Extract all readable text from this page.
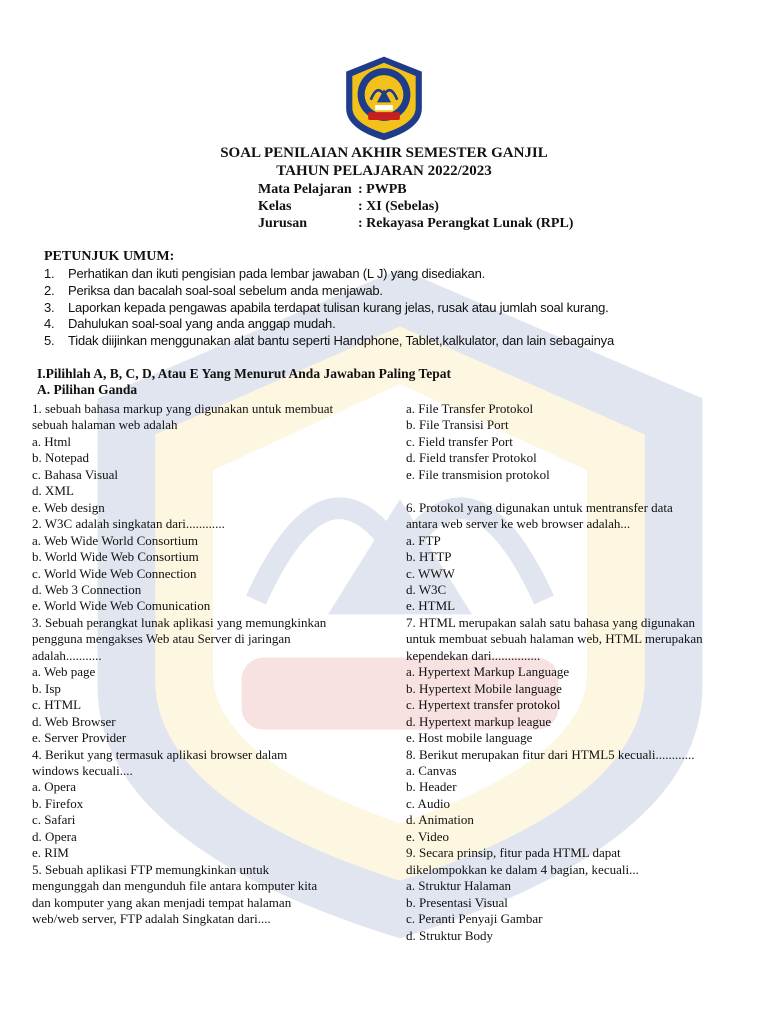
SOAL PENILAIAN AKHIR SEMESTER GANJIL
TAHUN PELAJARAN 2022/2023
Mata Pelajaran : PWPB
Kelas	: XI (Sebelas)
Jurusan	: Rekayasa Perangkat Lunak (RPL)
PETUNJUK UMUM:
1. Perhatikan dan ikuti pengisian pada lembar jawaban (L J) yang disediakan.
2. Periksa dan bacalah soal-soal sebelum anda menjawab.
3. Laporkan kepada pengawas apabila terdapat tulisan kurang jelas, rusak atau jumlah soal kurang.
4. Dahulukan soal-soal yang anda anggap mudah.
5. Tidak diijinkan menggunakan alat bantu seperti Handphone, Tablet,kalkulator, dan lain sebagainya
I.Pilihlah A, B, C, D, Atau E Yang Menurut Anda Jawaban Paling Tepat
A. Pilihan Ganda
1. sebuah bahasa markup yang digunakan untuk membuat
sebuah halaman web adalah
a. Html
b. Notepad
c. Bahasa Visual
d. XML
e. Web design
2. W3C adalah singkatan dari............
a. Web Wide World Consortium
b. World Wide Web Consortium
c. World Wide Web Connection
d. Web 3 Connection
e. World Wide Web Comunication
3. Sebuah perangkat lunak aplikasi yang memungkinkan
pengguna mengakses Web atau Server di jaringan
adalah...........
a. Web page
b. Isp
c. HTML
d. Web Browser
e. Server Provider
4. Berikut yang termasuk aplikasi browser dalam
windows kecuali....
a. Opera
b. Firefox
c. Safari
d. Opera
e. RIM
5. Sebuah aplikasi FTP memungkinkan untuk
mengunggah dan mengunduh file antara komputer kita
dan komputer yang akan menjadi tempat halaman
web/web server, FTP adalah Singkatan dari....
a. File Transfer Protokol
b. File Transisi Port
c. Field transfer Port
d. Field transfer Protokol
e. File transmision protokol

6. Protokol yang digunakan untuk mentransfer data
antara web server ke web browser adalah...
a. FTP
b. HTTP
c. WWW
d. W3C
e. HTML
7. HTML merupakan salah satu bahasa yang digunakan
untuk membuat sebuah halaman web, HTML merupakan
kependekan dari...............
a. Hypertext Markup Language
b. Hypertext Mobile language
c. Hypertext transfer protokol
d. Hypertext markup league
e. Host mobile language
8. Berikut merupakan fitur dari HTML5 kecuali............
a. Canvas
b. Header
c. Audio
d. Animation
e. Video
9. Secara prinsip, fitur pada HTML dapat
dikelompokkan ke dalam 4 bagian, kecuali...
a. Struktur Halaman
b. Presentasi Visual
c. Peranti Penyaji Gambar
d. Struktur Body
